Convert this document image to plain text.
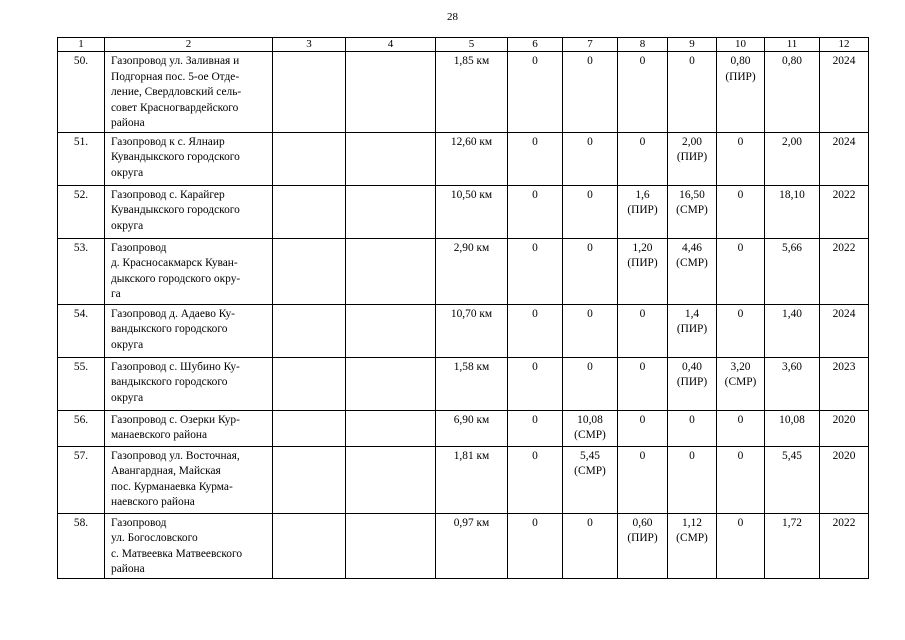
28
1	2	3	4	5	6	7	8	9	10	11	12
50.	Газопровод ул. Заливная и
Подгорная пос. 5-ое Отде-
ление, Свердловский сель-
совет Красногвардейского
района			1,85 км	0	0	0	0	0,80
(ПИР)	0,80	2024
51.	Газопровод к с. Ялнаир
Кувандыкского городского
округа			12,60 км	0	0	0	2,00
(ПИР)	0	2,00	2024
52.	Газопровод с. Карайгер
Кувандыкского городского
округа			10,50 км	0	0	1,6
(ПИР)	16,50
(СМР)	0	18,10	2022
53.	Газопровод
д. Красносакмарск Куван-
дыкского городского окру-
га			2,90 км	0	0	1,20
(ПИР)	4,46
(СМР)	0	5,66	2022
54.	Газопровод д. Адаево Ку-
вандыкского городского
округа			10,70 км	0	0	0	1,4
(ПИР)	0	1,40	2024
55.	Газопровод с. Шубино Ку-
вандыкского городского
округа			1,58 км	0	0	0	0,40
(ПИР)	3,20
(СМР)	3,60	2023
56.	Газопровод с. Озерки Кур-
манаевского района			6,90 км	0	10,08
(СМР)	0	0	0	10,08	2020
57.	Газопровод ул. Восточная,
Авангардная, Майская
пос. Курманаевка Курма-
наевского района			1,81 км	0	5,45
(СМР)	0	0	0	5,45	2020
58.	Газопровод
ул. Богословского
с. Матвеевка Матвеевского
района			0,97 км	0	0	0,60
(ПИР)	1,12
(СМР)	0	1,72	2022
